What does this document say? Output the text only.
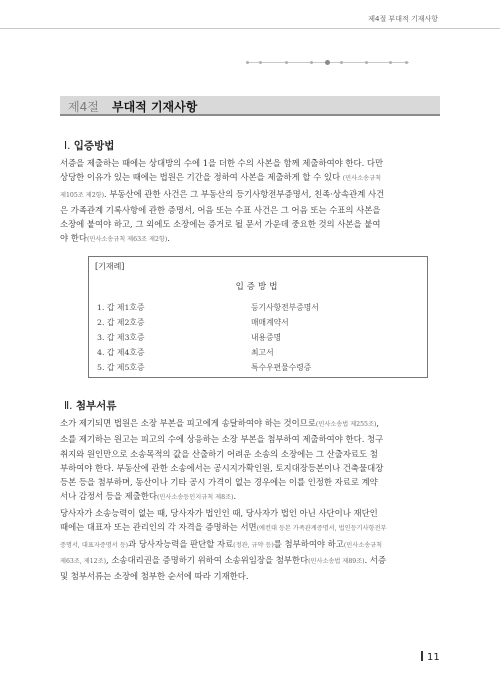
제4절 부대적 기재사항
제4절 부대적 기재사항
Ⅰ. 입증방법
서증을 제출하는 때에는 상대방의 수에 1을 더한 수의 사본을 함께 제출하여야 한다. 다만
상당한 이유가 있는 때에는 법원은 기간을 정하여 사본을 제출하게 할 수 있다 (민사소송규칙
제105조 제2항). 부동산에 관한 사건은 그 부동산의 등기사항전부증명서, 친족·상속관계 사건
은 가족관계 기록사항에 관한 증명서, 어음 또는 수표 사건은 그 어음 또는 수표의 사본을
소장에 붙여야 하고, 그 외에도 소장에는 증거로 될 문서 가운데 중요한 것의 사본을 붙여
야 한다(민사소송규칙 제63조 제2항).
[기재례]
입증방법
1. 갑 제1호증	등기사항전부증명서
2. 갑 제2호증	매매계약서
3. 갑 제3호증	내용증명
4. 갑 제4호증	최고서
5. 갑 제5호증	특수우편물수령증
Ⅱ. 첨부서류
소가 제기되면 법원은 소장 부본을 피고에게 송달하여야 하는 것이므로(민사소송법 제255조),
소를 제기하는 원고는 피고의 수에 상응하는 소장 부본을 첨부하여 제출하여야 한다. 청구
취지와 원인만으로 소송목적의 값을 산출하기 어려운 소송의 소장에는 그 산출자료도 첨
부하여야 한다. 부동산에 관한 소송에서는 공시지가확인원, 토지대장등본이나 건축물대장
등본 등을 첨부하며, 동산이나 기타 공시 가격이 없는 경우에는 이를 인정한 자료로 계약
서나 감정서 등을 제출한다(민사소송등인지규칙 제8조).
당사자가 소송능력이 없는 때, 당사자가 법인인 때, 당사자가 법인 아닌 사단이나 재단인
때에는 대표자 또는 관리인의 각 자격을 증명하는 서면(예컨대 등본 가족관계증명서, 법인등기사항전부
증명서, 대표자증명서 등)과 당사자능력을 판단할 자료(정관, 규약 등)를 첨부하여야 하고(민사소송규칙
제63조, 제12조), 소송대리권을 증명하기 위하여 소송위임장을 첨부한다(민사소송법 제89조). 서증
및 첨부서류는 소장에 첨부한 순서에 따라 기재한다.
11
